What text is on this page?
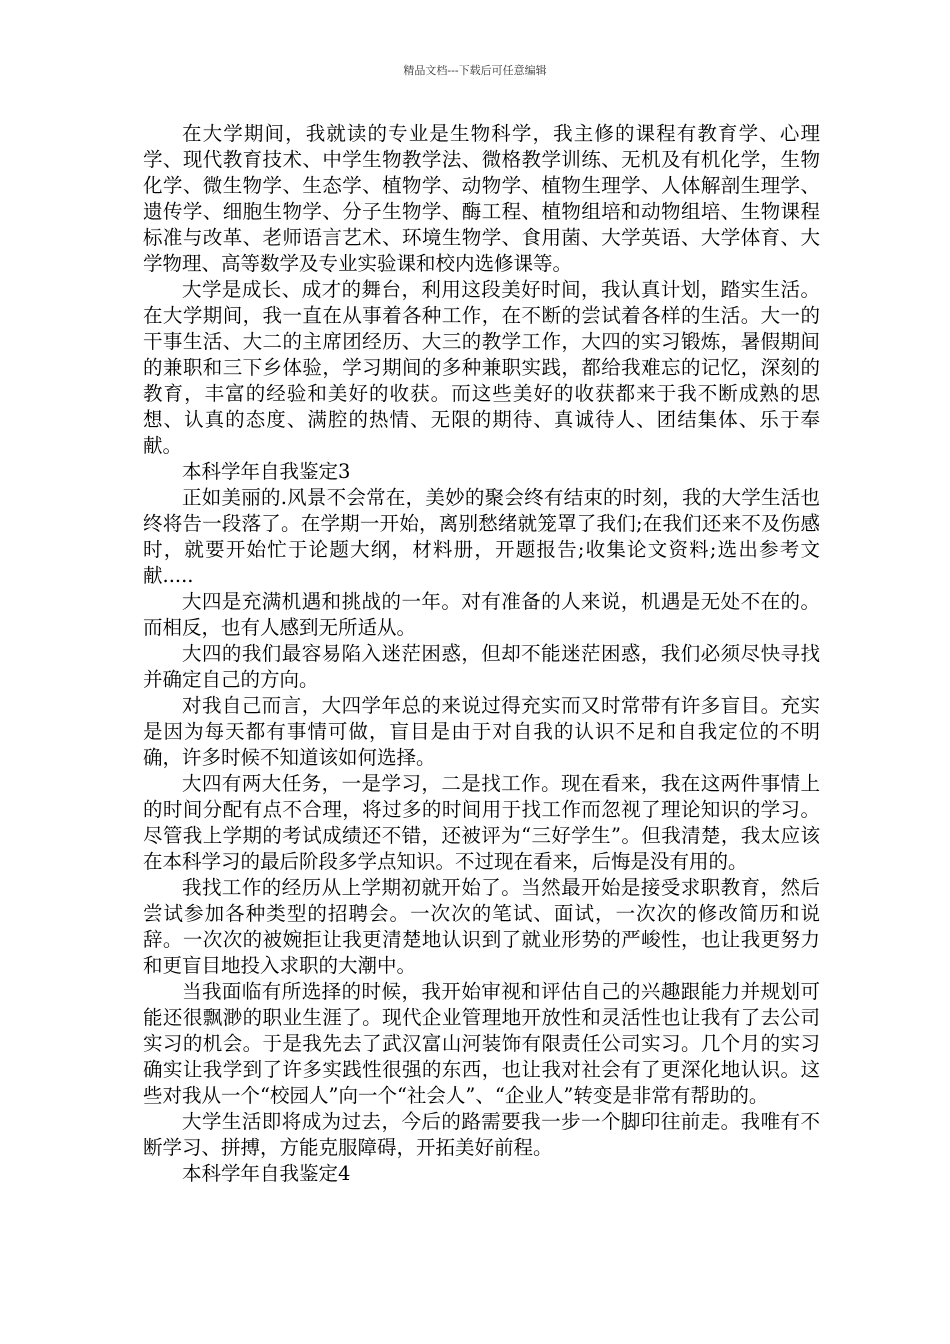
精品文档---下载后可任意编辑

在大学期间，我就读的专业是生物科学，我主修的课程有教育学、心理学、现代教育技术、中学生物教学法、微格教学训练、无机及有机化学，生物化学、微生物学、生态学、植物学、动物学、植物生理学、人体解剖生理学、遗传学、细胞生物学、分子生物学、酶工程、植物组培和动物组培、生物课程标准与改革、老师语言艺术、环境生物学、食用菌、大学英语、大学体育、大学物理、高等数学及专业实验课和校内选修课等。

大学是成长、成才的舞台，利用这段美好时间，我认真计划，踏实生活。在大学期间，我一直在从事着各种工作，在不断的尝试着各样的生活。大一的干事生活、大二的主席团经历、大三的教学工作，大四的实习锻炼，暑假期间的兼职和三下乡体验，学习期间的多种兼职实践，都给我难忘的记忆，深刻的教育，丰富的经验和美好的收获。而这些美好的收获都来于我不断成熟的思想、认真的态度、满腔的热情、无限的期待、真诚待人、团结集体、乐于奉献。

本科学年自我鉴定3

正如美丽的.风景不会常在，美妙的聚会终有结束的时刻，我的大学生活也终将告一段落了。在学期一开始，离别愁绪就笼罩了我们;在我们还来不及伤感时，就要开始忙于论题大纲，材料册，开题报告;收集论文资料;选出参考文献.....

大四是充满机遇和挑战的一年。对有准备的人来说，机遇是无处不在的。而相反，也有人感到无所适从。

大四的我们最容易陷入迷茫困惑，但却不能迷茫困惑，我们必须尽快寻找并确定自己的方向。

对我自己而言，大四学年总的来说过得充实而又时常带有许多盲目。充实是因为每天都有事情可做，盲目是由于对自我的认识不足和自我定位的不明确，许多时候不知道该如何选择。

大四有两大任务，一是学习，二是找工作。现在看来，我在这两件事情上的时间分配有点不合理，将过多的时间用于找工作而忽视了理论知识的学习。尽管我上学期的考试成绩还不错，还被评为“三好学生”。但我清楚，我太应该在本科学习的最后阶段多学点知识。不过现在看来，后悔是没有用的。

我找工作的经历从上学期初就开始了。当然最开始是接受求职教育，然后尝试参加各种类型的招聘会。一次次的笔试、面试，一次次的修改简历和说辞。一次次的被婉拒让我更清楚地认识到了就业形势的严峻性，也让我更努力和更盲目地投入求职的大潮中。

当我面临有所选择的时候，我开始审视和评估自己的兴趣跟能力并规划可能还很飘渺的职业生涯了。现代企业管理地开放性和灵活性也让我有了去公司实习的机会。于是我先去了武汉富山河装饰有限责任公司实习。几个月的实习确实让我学到了许多实践性很强的东西，也让我对社会有了更深化地认识。这些对我从一个“校园人”向一个“社会人”、“企业人”转变是非常有帮助的。

大学生活即将成为过去，今后的路需要我一步一个脚印往前走。我唯有不断学习、拼搏，方能克服障碍，开拓美好前程。

本科学年自我鉴定4
